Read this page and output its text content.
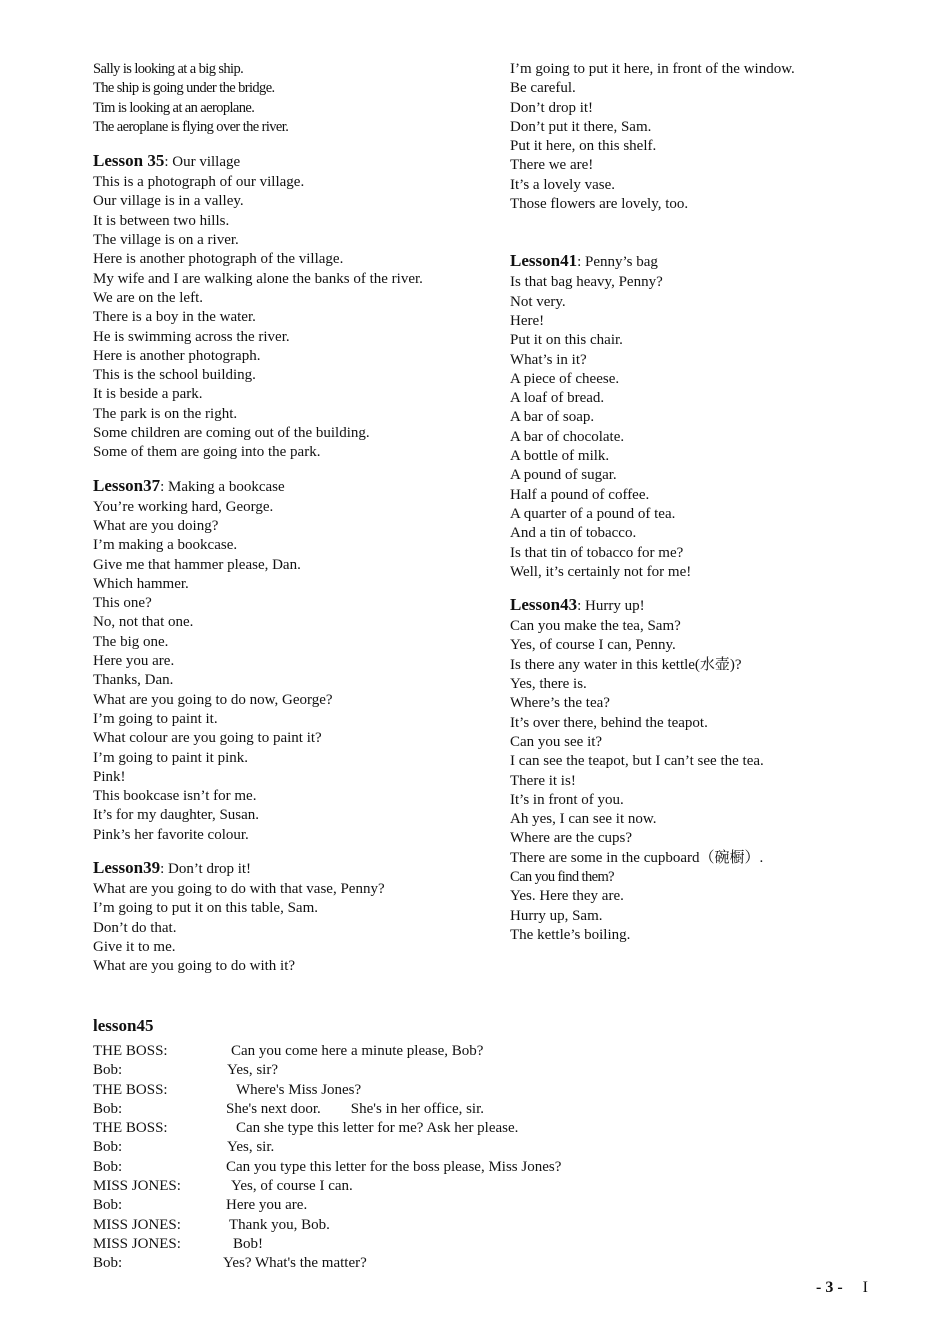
Sally is looking at a big ship.
The ship is going under the bridge.
Tim is looking at an aeroplane.
The aeroplane is flying over the river.
Lesson 35: Our village
This is a photograph of our village.
Our village is in a valley.
It is between two hills.
The village is on a river.
Here is another photograph of the village.
My wife and I are walking alone the banks of the river.
We are on the left.
There is a boy in the water.
He is swimming across the river.
Here is another photograph.
This is the school building.
It is beside a park.
The park is on the right.
Some children are coming out of the building.
Some of them are going into the park.
Lesson37: Making a bookcase
You’re working hard, George.
What are you doing?
I’m making a bookcase.
Give me that hammer please, Dan.
Which hammer.
This one?
No, not that one.
The big one.
Here you are.
Thanks, Dan.
What are you going to do now, George?
I’m going to paint it.
What colour are you going to paint it?
I’m going to paint it pink.
Pink!
This bookcase isn’t for me.
It’s for my daughter, Susan.
Pink’s her favorite colour.
Lesson39: Don’t drop it!
What are you going to do with that vase, Penny?
I’m going to put it on this table, Sam.
Don’t do that.
Give it to me.
What are you going to do with it?
I’m going to put it here, in front of the window.
Be careful.
Don’t drop it!
Don’t put it there, Sam.
Put it here, on this shelf.
There we are!
It’s a lovely vase.
Those flowers are lovely, too.
Lesson41: Penny’s bag
Is that bag heavy, Penny?
Not very.
Here!
Put it on this chair.
What’s in it?
A piece of cheese.
A loaf of bread.
A bar of soap.
A bar of chocolate.
A bottle of milk.
A pound of sugar.
Half a pound of coffee.
A quarter of a pound of tea.
And a tin of tobacco.
Is that tin of tobacco for me?
Well, it’s certainly not for me!
Lesson43: Hurry up!
Can you make the tea, Sam?
Yes, of course I can, Penny.
Is there any water in this kettle(水壶)?
Yes, there is.
Where’s the tea?
It’s over there, behind the teapot.
Can you see it?
I can see the teapot, but I can’t see the tea.
There it is!
It’s in front of you.
Ah yes, I can see it now.
Where are the cups?
There are some in the cupboard（碗橱）.
Can you find them?
Yes. Here they are.
Hurry up, Sam.
The kettle’s boiling.
lesson45
THE BOSS:	Can you come here a minute please, Bob?
Bob:	Yes, sir?
THE BOSS:	Where's Miss Jones?
Bob:	She's next door.        She's in her office, sir.
THE BOSS:	Can she type this letter for me? Ask her please.
Bob:	Yes, sir.
Bob:	Can you type this letter for the boss please, Miss Jones?
MISS JONES:	Yes, of course I can.
Bob:	Here you are.
MISS JONES:	Thank you, Bob.
MISS JONES:	Bob!
Bob:	Yes? What's the matter?
- 3 - I
